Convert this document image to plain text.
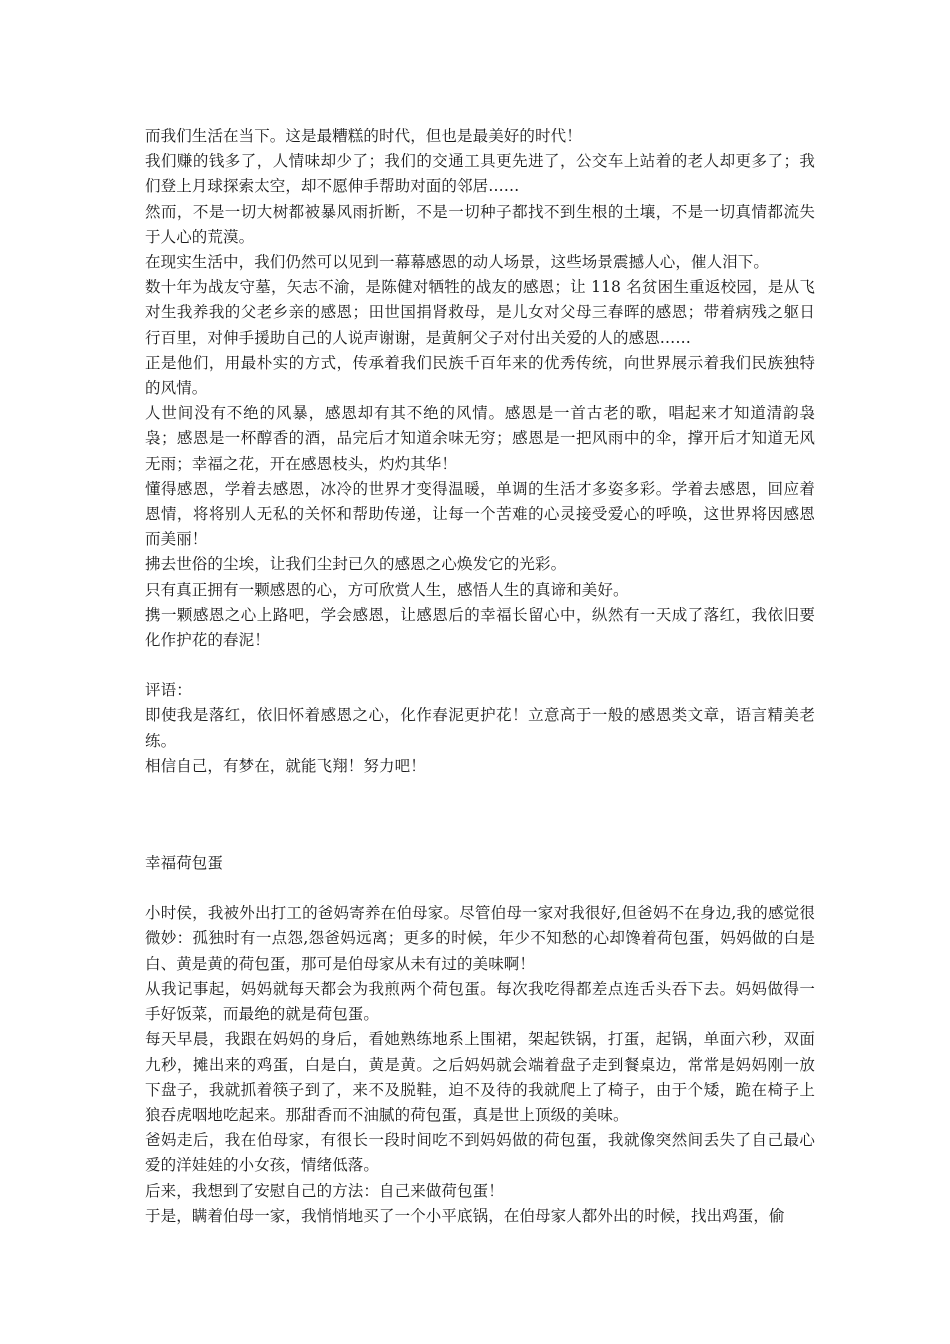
而我们生活在当下。这是最糟糕的时代，但也是最美好的时代！

我们赚的钱多了，人情味却少了；我们的交通工具更先进了，公交车上站着的老人却更多了；我们登上月球探索太空，却不愿伸手帮助对面的邻居……

然而，不是一切大树都被暴风雨折断，不是一切种子都找不到生根的土壤，不是一切真情都流失于人心的荒漠。

在现实生活中，我们仍然可以见到一幕幕感恩的动人场景，这些场景震撼人心，催人泪下。

数十年为战友守墓，矢志不渝，是陈健对牺牲的战友的感恩；让 118 名贫困生重返校园，是从飞对生我养我的父老乡亲的感恩；田世国捐肾救母，是儿女对父母三春晖的感恩；带着病残之躯日行百里，对伸手援助自己的人说声谢谢，是黄舸父子对付出关爱的人的感恩……

正是他们，用最朴实的方式，传承着我们民族千百年来的优秀传统，向世界展示着我们民族独特的风情。

人世间没有不绝的风暴，感恩却有其不绝的风情。感恩是一首古老的歌，唱起来才知道清韵袅袅；感恩是一杯醇香的酒，品完后才知道余味无穷；感恩是一把风雨中的伞，撑开后才知道无风无雨；幸福之花，开在感恩枝头，灼灼其华！

懂得感恩，学着去感恩，冰冷的世界才变得温暖，单调的生活才多姿多彩。学着去感恩，回应着恩情，将将别人无私的关怀和帮助传递，让每一个苦难的心灵接受爱心的呼唤，这世界将因感恩而美丽！

拂去世俗的尘埃，让我们尘封已久的感恩之心焕发它的光彩。

只有真正拥有一颗感恩的心，方可欣赏人生，感悟人生的真谛和美好。

携一颗感恩之心上路吧，学会感恩，让感恩后的幸福长留心中，纵然有一天成了落红，我依旧要化作护花的春泥！

评语：

即使我是落红，依旧怀着感恩之心，化作春泥更护花！立意高于一般的感恩类文章，语言精美老练。

相信自己，有梦在，就能飞翔！努力吧！

幸福荷包蛋

小时侯，我被外出打工的爸妈寄养在伯母家。尽管伯母一家对我很好,但爸妈不在身边,我的感觉很微妙：孤独时有一点怨,怨爸妈远离；更多的时候，年少不知愁的心却馋着荷包蛋，妈妈做的白是白、黄是黄的荷包蛋，那可是伯母家从未有过的美味啊！

从我记事起，妈妈就每天都会为我煎两个荷包蛋。每次我吃得都差点连舌头吞下去。妈妈做得一手好饭菜，而最绝的就是荷包蛋。

每天早晨，我跟在妈妈的身后，看她熟练地系上围裙，架起铁锅，打蛋，起锅，单面六秒，双面九秒，摊出来的鸡蛋，白是白，黄是黄。之后妈妈就会端着盘子走到餐桌边，常常是妈妈刚一放下盘子，我就抓着筷子到了，来不及脱鞋，迫不及待的我就爬上了椅子，由于个矮，跪在椅子上狼吞虎咽地吃起来。那甜香而不油腻的荷包蛋，真是世上顶级的美味。

爸妈走后，我在伯母家，有很长一段时间吃不到妈妈做的荷包蛋，我就像突然间丢失了自己最心爱的洋娃娃的小女孩，情绪低落。

后来，我想到了安慰自己的方法：自己来做荷包蛋！

于是，瞒着伯母一家，我悄悄地买了一个小平底锅，在伯母家人都外出的时候，找出鸡蛋，偷
